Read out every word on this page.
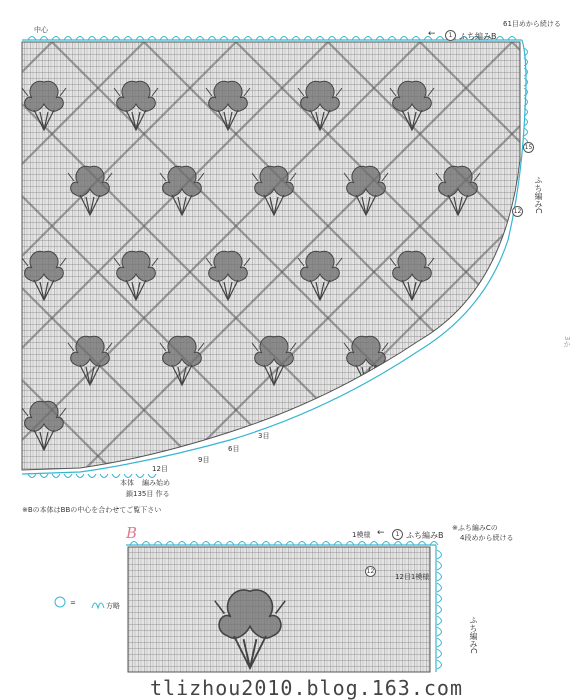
中心	←	1 ふち編みB
61目めから続ける
ふち編みC
15
12
12目
9目
6目
3目
本体 編み始め
鎖135目 作る
※Bの本体はBBの中心を合わせてご覧下さい
B	1模様 ←	1 ふち編みB
※ふち編みCの
4段めから続ける
12目1模様
12
ふち編みC
=	方略
3か
tlizhou2010.blog.163.com
